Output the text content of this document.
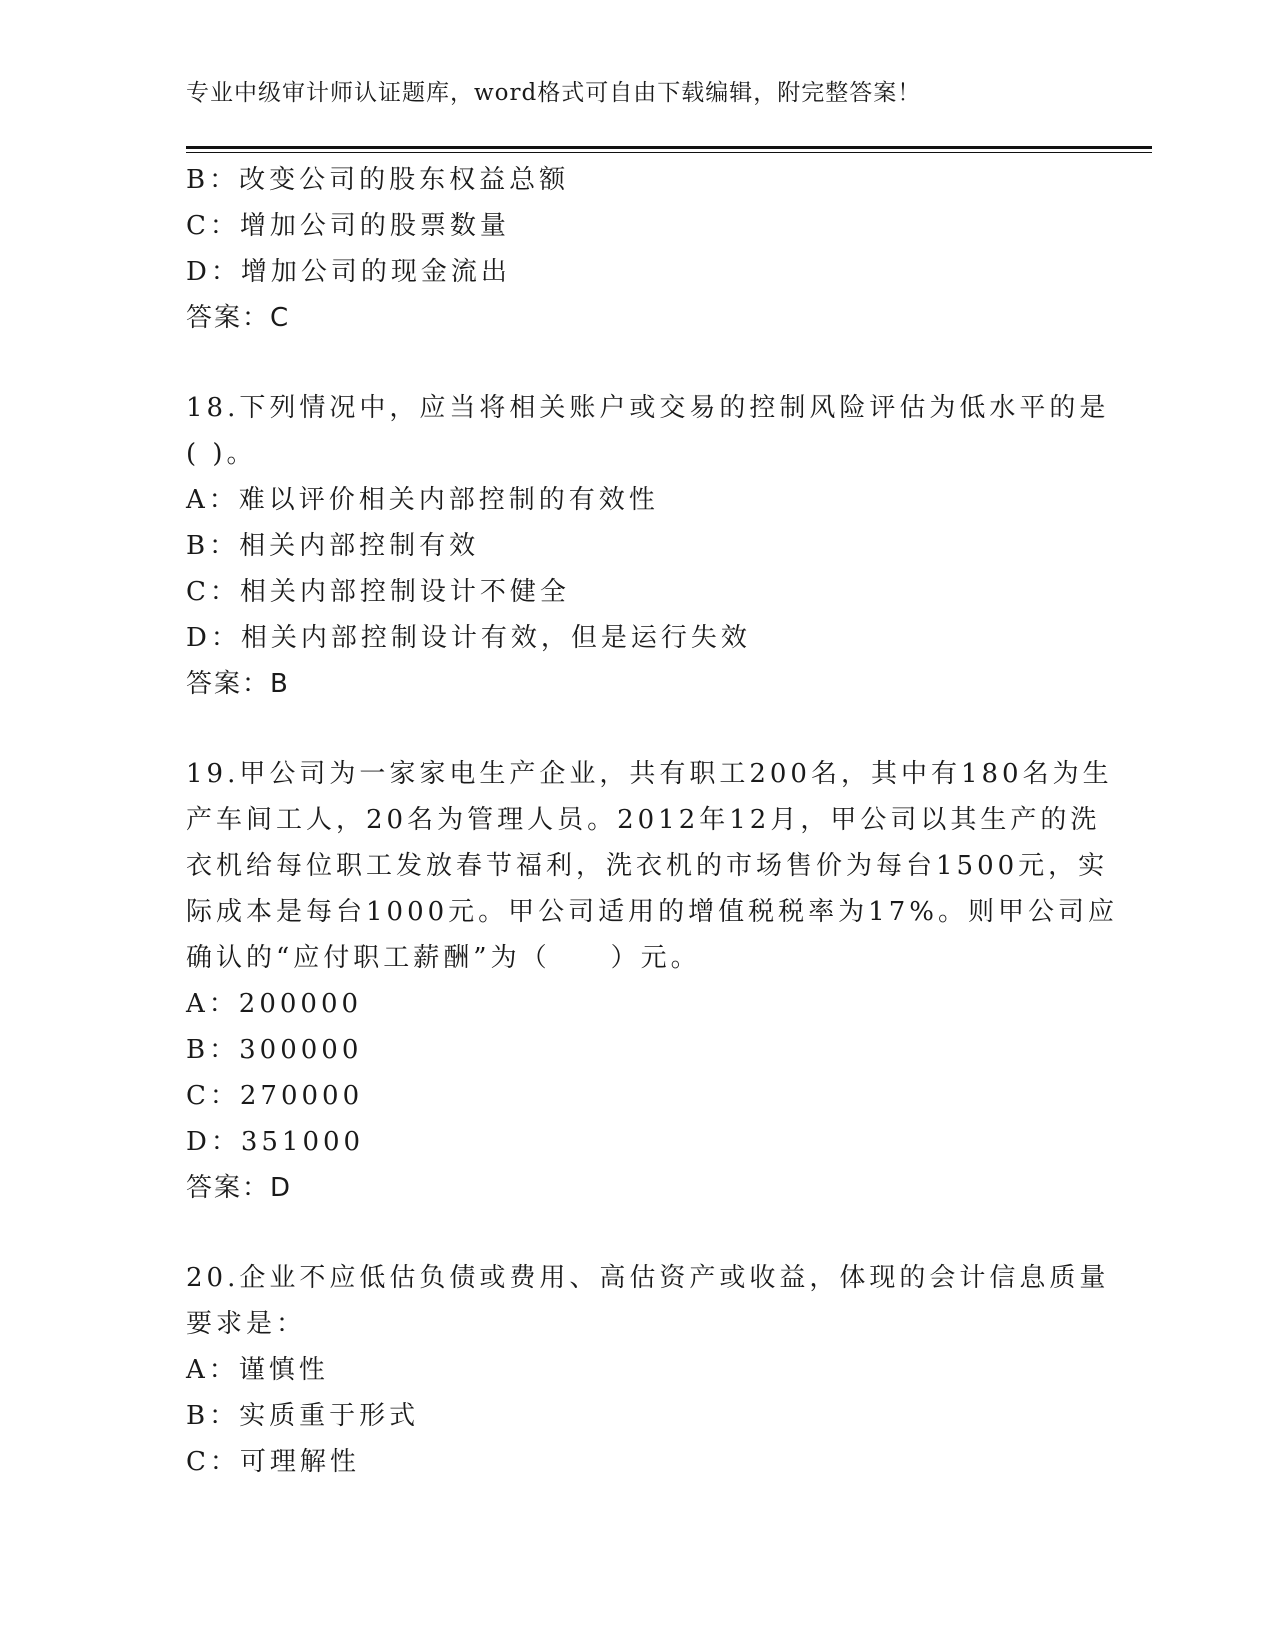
专业中级审计师认证题库，word格式可自由下载编辑，附完整答案！
B：改变公司的股东权益总额
C：增加公司的股票数量
D：增加公司的现金流出
答案：C
18.下列情况中，应当将相关账户或交易的控制风险评估为低水平的是
( )。
A：难以评价相关内部控制的有效性
B：相关内部控制有效
C：相关内部控制设计不健全
D：相关内部控制设计有效，但是运行失效
答案：B
19.甲公司为一家家电生产企业，共有职工200名，其中有180名为生
产车间工人，20名为管理人员。2012年12月，甲公司以其生产的洗
衣机给每位职工发放春节福利，洗衣机的市场售价为每台1500元，实
际成本是每台1000元。甲公司适用的增值税税率为17%。则甲公司应
确认的“应付职工薪酬”为（　　）元。
A：200000
B：300000
C：270000
D：351000
答案：D
20.企业不应低估负债或费用、高估资产或收益，体现的会计信息质量
要求是：
A：谨慎性
B：实质重于形式
C：可理解性
